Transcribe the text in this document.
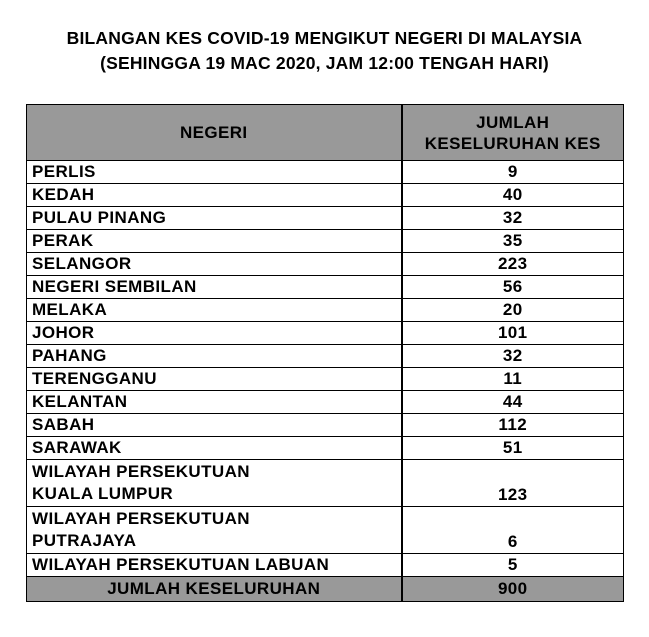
BILANGAN KES COVID-19 MENGIKUT NEGERI DI MALAYSIA
(SEHINGGA 19 MAC 2020, JAM 12:00 TENGAH HARI)
NEGERI	JUMLAH
KESELURUHAN KES

PERLIS	9
KEDAH	40
PULAU PINANG	32
PERAK	35
SELANGOR	223
NEGERI SEMBILAN	56
MELAKA	20
JOHOR	101
PAHANG	32
TERENGGANU	11
KELANTAN	44
SABAH	112
SARAWAK	51

WILAYAH PERSEKUTUAN
KUALA LUMPUR	123

WILAYAH PERSEKUTUAN
PUTRAJAYA	6
WILAYAH PERSEKUTUAN LABUAN	5
JUMLAH KESELURUHAN	900
